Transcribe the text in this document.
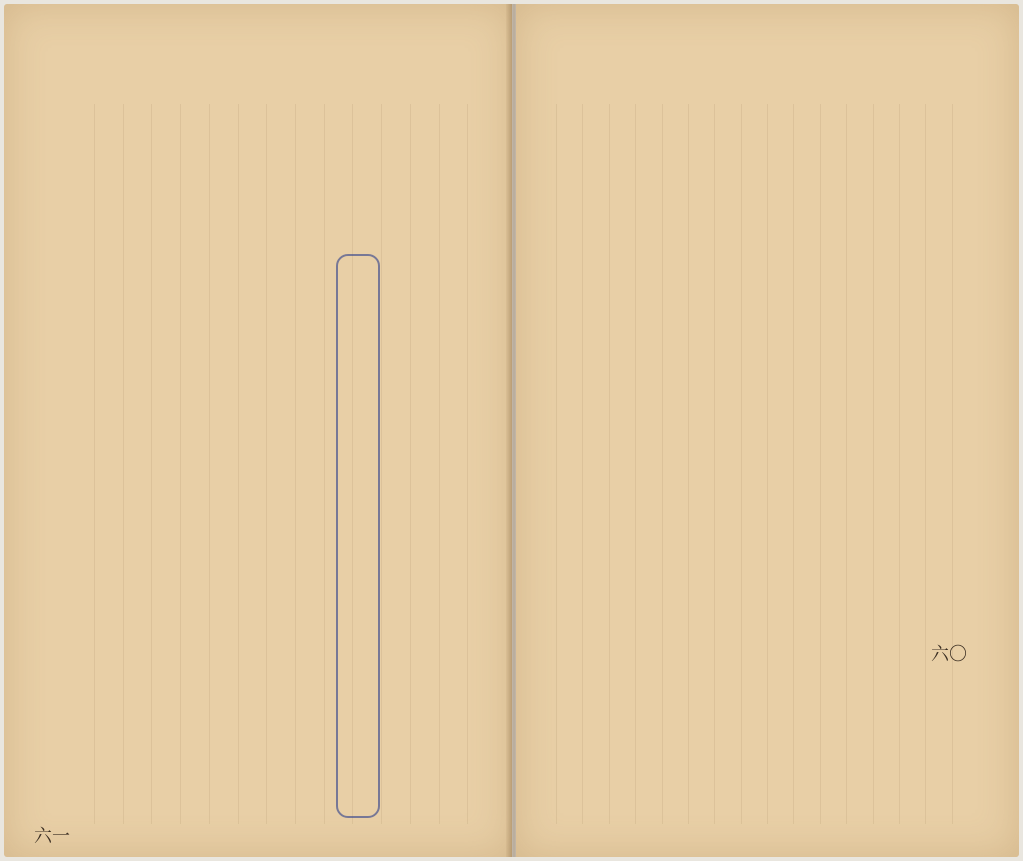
六一
六〇
